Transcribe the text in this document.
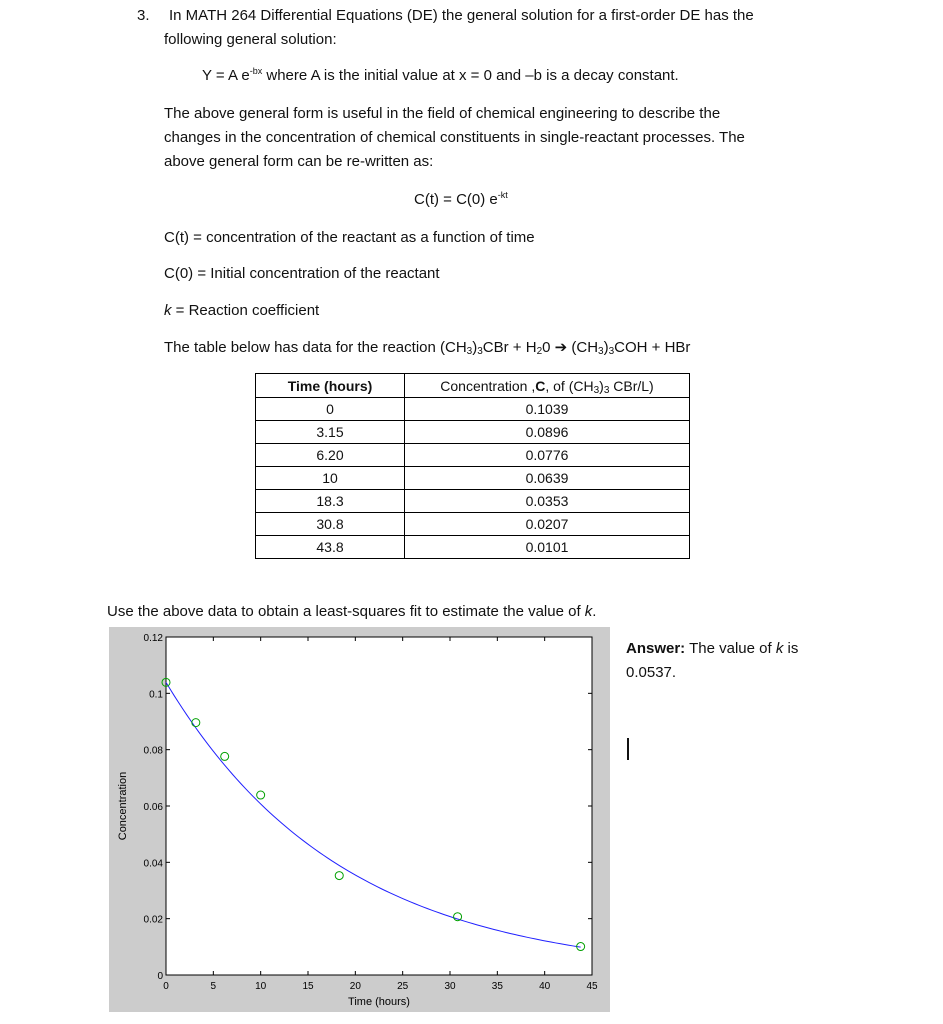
3. In MATH 264 Differential Equations (DE) the general solution for a first-order DE has the
following general solution:
Y = A $e^{-bx}$ where A is the initial value at x = 0 and –b is a decay constant.
The above general form is useful in the field of chemical engineering to describe the
changes in the concentration of chemical constituents in single-reactant processes. The
above general form can be re-written as:
C(t) = C(0) $e^{-kt}$
C(t) = concentration of the reactant as a function of time
C(0) = Initial concentration of the reactant
k = Reaction coefficient
The table below has data for the reaction $(CH_3)_3CBr + H_20$ ➔ $(CH_3)_3COH$ + HBr
Time (hours)	Concentration ,C, of $(CH_3)_3$ CBr/L)
0	0.1039
3.15	0.0896
6.20	0.0776
10	0.0639
18.3	0.0353
30.8	0.0207
43.8	0.0101
Use the above data to obtain a least-squares fit to estimate the value of k.
0	5	10	15	20	25	30	35	40	45
0
0.02
0.04
0.06
0.08
0.1
0.12
Time (hours)
Concentration
Answer: The value of k is
0.0537.
